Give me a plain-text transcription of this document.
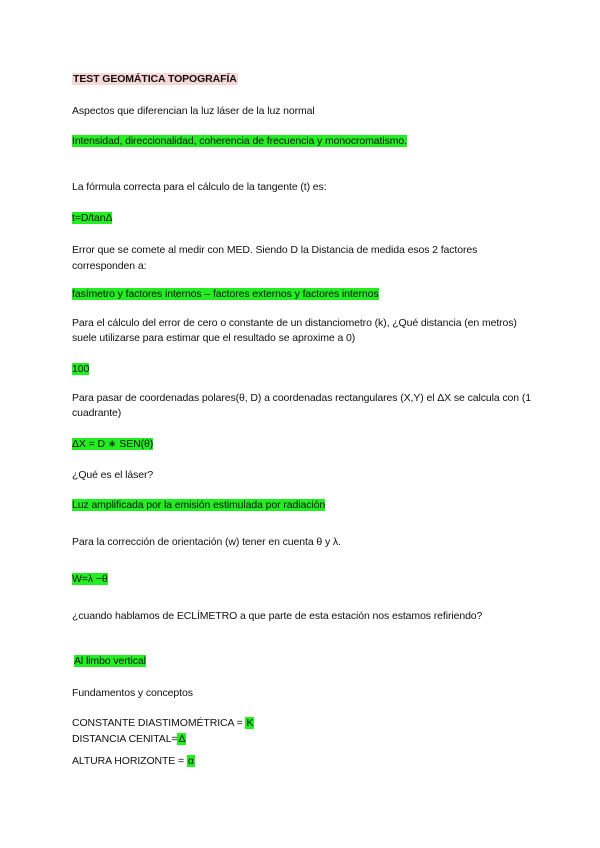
TEST GEOMÁTICA TOPOGRAFÍA
Aspectos que diferencian la luz láser de la luz normal
Intensidad, direccionalidad, coherencia de frecuencia y monocromatismo.
La fórmula correcta para el cálculo de la tangente (t) es:
t=D/tanΔ
Error que se comete al medir con MED. Siendo D la Distancia de medida esos 2 factores corresponden a:
fasímetro y factores internos – factores externos y factores internos
Para el cálculo del error de cero o constante de un distanciometro (k), ¿Qué distancia (en metros) suele utilizarse para estimar que el resultado se aproxime a 0)
100
Para pasar de coordenadas polares(θ, D) a coordenadas rectangulares (X,Y) el ΔX se calcula con (1 cuadrante)
ΔX = D ∗ SEN(θ)
¿Qué es el láser?
Luz amplificada por la emisión estimulada por radiación
Para la corrección de orientación (w) tener en cuenta θ y λ.
W=λ −θ
¿cuando hablamos de ECLÍMETRO a que parte de esta estación nos estamos refiriendo?
Al limbo vertical
Fundamentos y conceptos
CONSTANTE DIASTIMOMÉTRICA = K
DISTANCIA CENITAL=Δ
ALTURA HORIZONTE = α
